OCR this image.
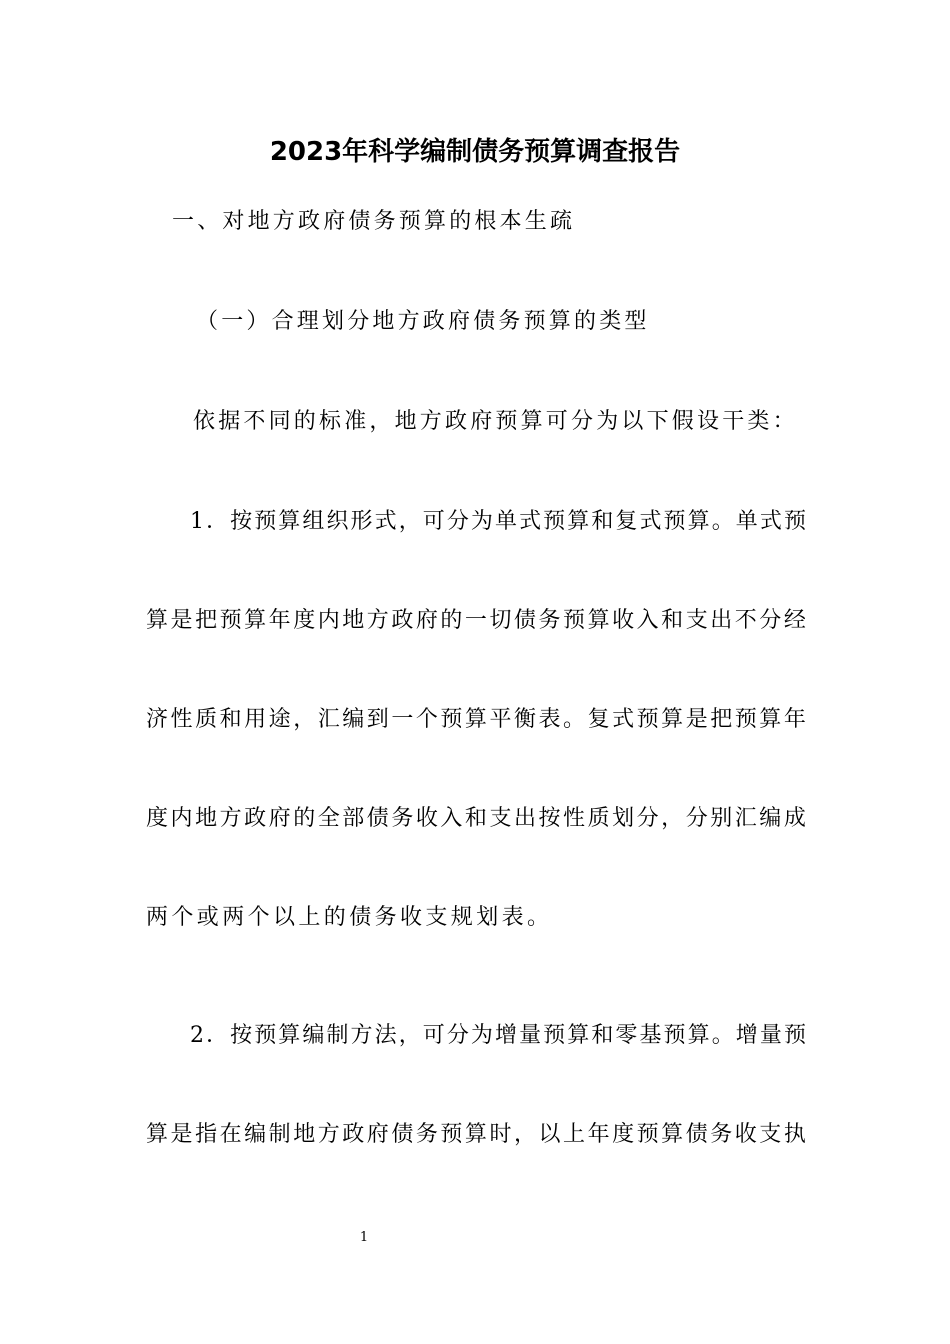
2023年科学编制债务预算调查报告
一、对地方政府债务预算的根本生疏
（一）合理划分地方政府债务预算的类型
依据不同的标准，地方政府预算可分为以下假设干类：
1 ． 按 预 算 组 织 形 式 ， 可 分 为 单 式 预 算 和 复 式 预 算 。 单 式 预
算 是 把 预 算 年 度 内 地 方 政 府 的 一 切 债 务 预 算 收 入 和 支 出 不 分 经
济 性 质 和 用 途 ， 汇 编 到 一 个 预 算 平 衡 表 。 复 式 预 算 是 把 预 算 年
度 内 地 方 政 府 的 全 部 债 务 收 入 和 支 出 按 性 质 划 分 ， 分 别 汇 编 成
两个或两个以上的债务收支规划表。
2 ． 按 预 算 编 制 方 法 ， 可 分 为 增 量 预 算 和 零 基 预 算 。 增 量 预
算 是 指 在 编 制 地 方 政 府 债 务 预 算 时 ， 以 上 年 度 预 算 债 务 收 支 执
1
